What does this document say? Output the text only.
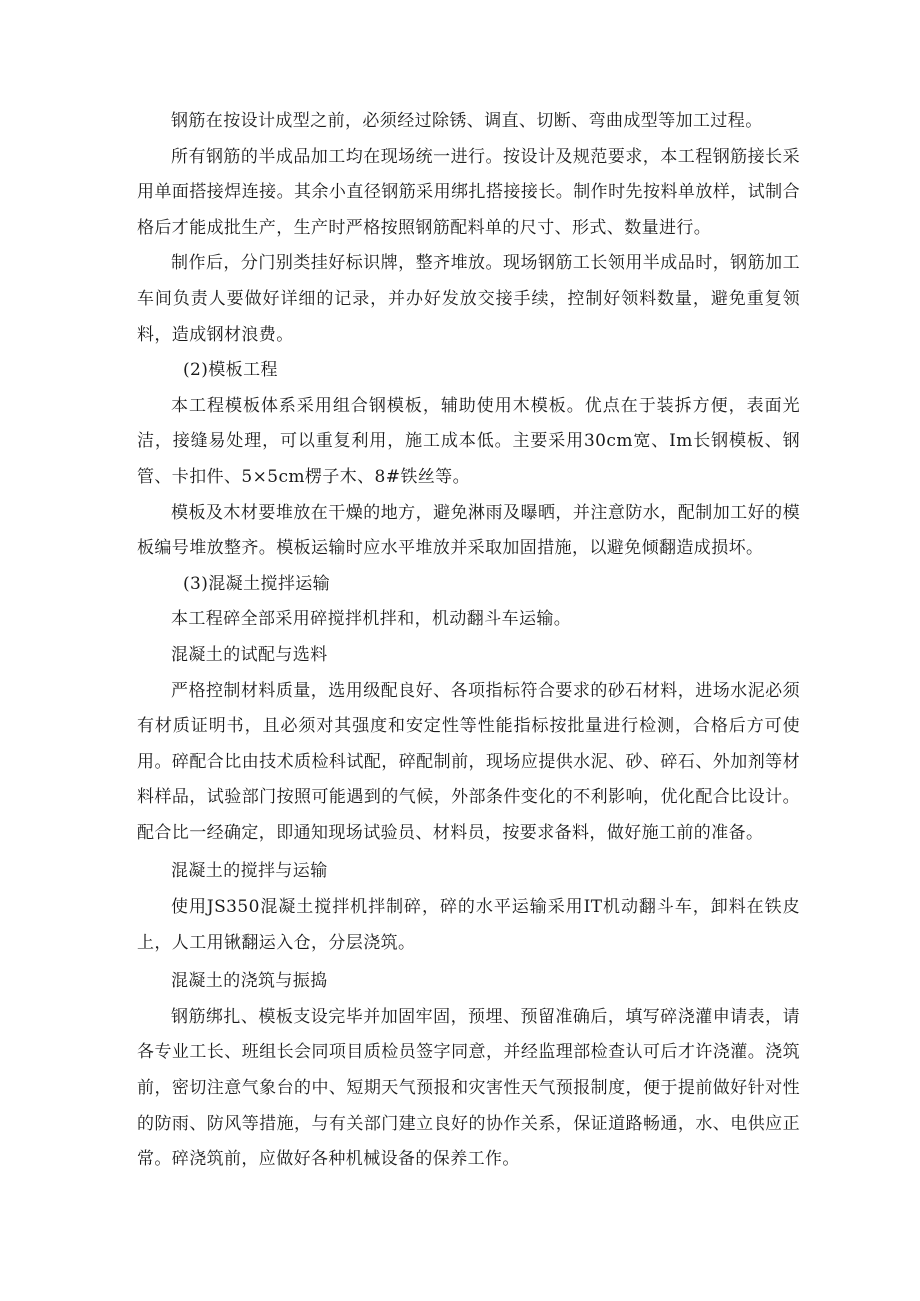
钢筋在按设计成型之前，必须经过除锈、调直、切断、弯曲成型等加工过程。

所有钢筋的半成品加工均在现场统一进行。按设计及规范要求，本工程钢筋接长采用单面搭接焊连接。其余小直径钢筋采用绑扎搭接接长。制作时先按料单放样，试制合格后才能成批生产，生产时严格按照钢筋配料单的尺寸、形式、数量进行。

制作后，分门别类挂好标识牌，整齐堆放。现场钢筋工长领用半成品时，钢筋加工车间负责人要做好详细的记录，并办好发放交接手续，控制好领料数量，避免重复领料，造成钢材浪费。

(2)模板工程

本工程模板体系采用组合钢模板，辅助使用木模板。优点在于装拆方便，表面光洁，接缝易处理，可以重复利用，施工成本低。主要采用30cm宽、Im长钢模板、钢管、卡扣件、5×5cm楞子木、8#铁丝等。

模板及木材要堆放在干燥的地方，避免淋雨及曝晒，并注意防水，配制加工好的模板编号堆放整齐。模板运输时应水平堆放并采取加固措施，以避免倾翻造成损坏。

(3)混凝土搅拌运输

本工程碎全部采用碎搅拌机拌和，机动翻斗车运输。

混凝土的试配与选料

严格控制材料质量，选用级配良好、各项指标符合要求的砂石材料，进场水泥必须有材质证明书，且必须对其强度和安定性等性能指标按批量进行检测，合格后方可使用。碎配合比由技术质检科试配，碎配制前，现场应提供水泥、砂、碎石、外加剂等材料样品，试验部门按照可能遇到的气候，外部条件变化的不利影响，优化配合比设计。配合比一经确定，即通知现场试验员、材料员，按要求备料，做好施工前的准备。

混凝土的搅拌与运输

使用JS350混凝土搅拌机拌制碎，碎的水平运输采用IT机动翻斗车，卸料在铁皮上，人工用锹翻运入仓，分层浇筑。

混凝土的浇筑与振捣

钢筋绑扎、模板支设完毕并加固牢固，预埋、预留准确后，填写碎浇灌申请表，请各专业工长、班组长会同项目质检员签字同意，并经监理部检查认可后才许浇灌。浇筑前，密切注意气象台的中、短期天气预报和灾害性天气预报制度，便于提前做好针对性的防雨、防风等措施，与有关部门建立良好的协作关系，保证道路畅通，水、电供应正常。碎浇筑前，应做好各种机械设备的保养工作。
